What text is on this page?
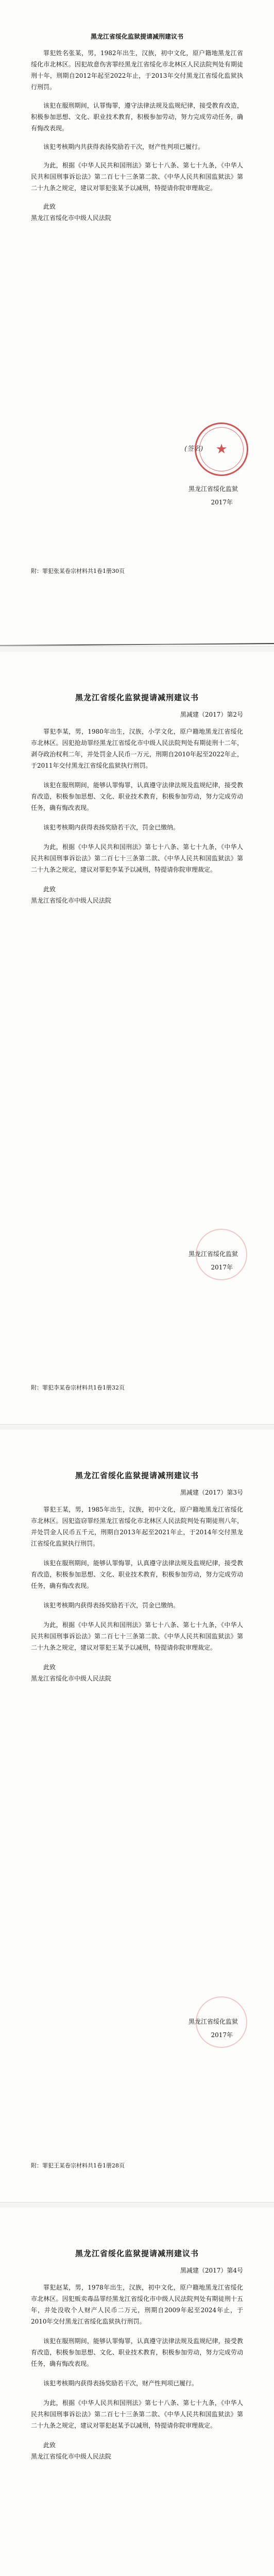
黑龙江省绥化监狱提请减刑建议书

罪犯姓名张某，男，1982年出生，汉族，初中文化，原户籍地黑龙江省绥化市北林区。因犯故意伤害罪经黑龙江省绥化市北林区人民法院判处有期徒刑十年，刑期自2012年起至2022年止，于2013年交付黑龙江省绥化监狱执行刑罚。

该犯在服刑期间，认罪悔罪，遵守法律法规及监规纪律，接受教育改造，积极参加思想、文化、职业技术教育，积极参加劳动，努力完成劳动任务，确有悔改表现。

该犯考核期内共获得表扬奖励若干次，财产性判项已履行。

为此，根据《中华人民共和国刑法》第七十八条、第七十九条，《中华人民共和国刑事诉讼法》第二百七十三条第二款、《中华人民共和国监狱法》第二十九条之规定，建议对罪犯张某予以减刑，特提请你院审理裁定。

此致

黑龙江省绥化市中级人民法院

★
(签名)
黑龙江省绥化监狱
2017年
附：罪犯张某卷宗材料共1卷1册30页
黑龙江省绥化监狱提请减刑建议书

黑减建（2017）第2号

罪犯李某，男，1980年出生，汉族，小学文化，原户籍地黑龙江省绥化市北林区。因犯抢劫罪经黑龙江省绥化市中级人民法院判处有期徒刑十二年，剥夺政治权利二年，并处罚金人民币一万元，刑期自2010年起至2022年止，于2011年交付黑龙江省绥化监狱执行刑罚。

该犯在服刑期间，能够认罪悔罪，认真遵守法律法规及监规纪律，接受教育改造，积极参加思想、文化、职业技术教育，积极参加劳动，努力完成劳动任务，确有悔改表现。

该犯考核期内获得表扬奖励若干次，罚金已缴纳。

为此，根据《中华人民共和国刑法》第七十八条、第七十九条，《中华人民共和国刑事诉讼法》第二百七十三条第二款、《中华人民共和国监狱法》第二十九条之规定，建议对罪犯李某予以减刑，特提请你院审理裁定。

此致

黑龙江省绥化市中级人民法院

黑龙江省绥化监狱
2017年
附：罪犯李某卷宗材料共1卷1册32页
黑龙江省绥化监狱提请减刑建议书

黑减建（2017）第3号

罪犯王某，男，1985年出生，汉族，初中文化，原户籍地黑龙江省绥化市北林区。因犯盗窃罪经黑龙江省绥化市北林区人民法院判处有期徒刑八年，并处罚金人民币五千元，刑期自2013年起至2021年止，于2014年交付黑龙江省绥化监狱执行刑罚。

该犯在服刑期间，能够认罪悔罪，认真遵守法律法规及监规纪律，接受教育改造，积极参加思想、文化、职业技术教育，积极参加劳动，努力完成劳动任务，确有悔改表现。

该犯考核期内获得表扬奖励若干次，罚金已缴纳。

为此，根据《中华人民共和国刑法》第七十八条、第七十九条，《中华人民共和国刑事诉讼法》第二百七十三条第二款、《中华人民共和国监狱法》第二十九条之规定，建议对罪犯王某予以减刑，特提请你院审理裁定。

此致

黑龙江省绥化市中级人民法院

黑龙江省绥化监狱
2017年
附：罪犯王某卷宗材料共1卷1册28页
黑龙江省绥化监狱提请减刑建议书

黑减建（2017）第4号

罪犯赵某，男，1978年出生，汉族，初中文化，原户籍地黑龙江省绥化市北林区。因犯贩卖毒品罪经黑龙江省绥化市中级人民法院判处有期徒刑十五年，并处没收个人财产人民币二万元，刑期自2009年起至2024年止，于2010年交付黑龙江省绥化监狱执行刑罚。

该犯在服刑期间，能够认罪悔罪，认真遵守法律法规及监规纪律，接受教育改造，积极参加思想、文化、职业技术教育，积极参加劳动，努力完成劳动任务，确有悔改表现。

该犯考核期内获得表扬奖励若干次，财产性判项已履行。

为此，根据《中华人民共和国刑法》第七十八条、第七十九条，《中华人民共和国刑事诉讼法》第二百七十三条第二款、《中华人民共和国监狱法》第二十九条之规定，建议对罪犯赵某予以减刑，特提请你院审理裁定。

此致

黑龙江省绥化市中级人民法院
